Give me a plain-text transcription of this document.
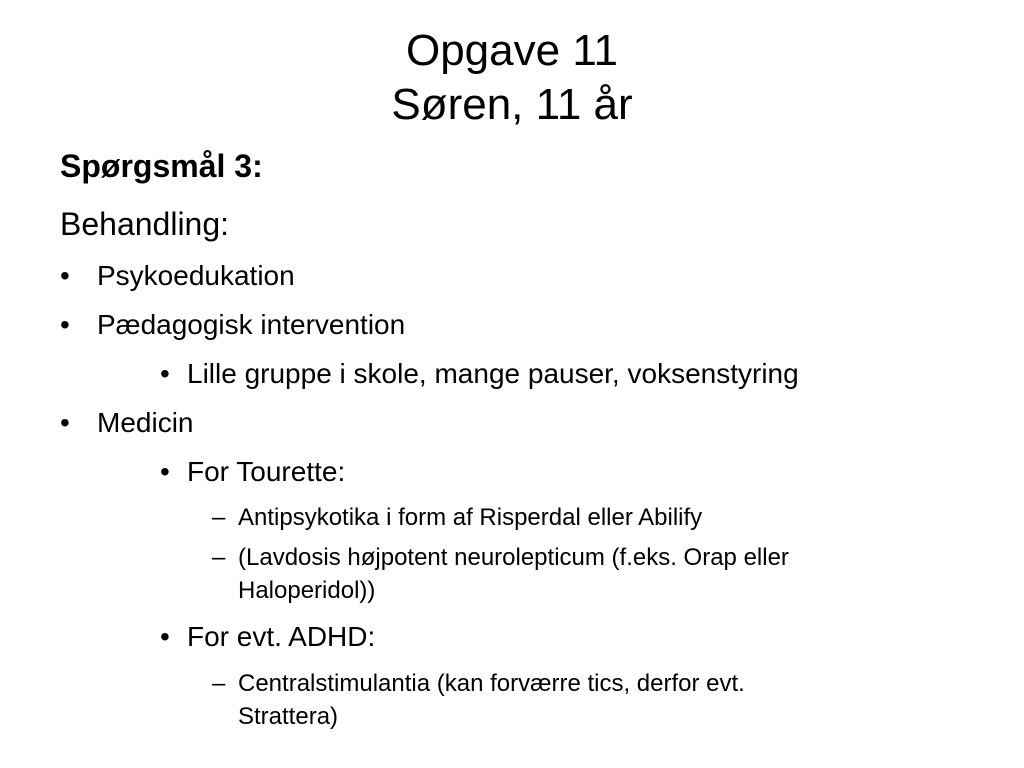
Opgave 11
Søren, 11 år
Spørgsmål 3:
Behandling:
• Psykoedukation
• Pædagogisk intervention
• Lille gruppe i skole, mange pauser, voksenstyring
• Medicin
• For Tourette:
– Antipsykotika i form af Risperdal eller Abilify
– (Lavdosis højpotent neurolepticum (f.eks. Orap eller
Haloperidol))
• For evt. ADHD:
– Centralstimulantia (kan forværre tics, derfor evt.
Strattera)
